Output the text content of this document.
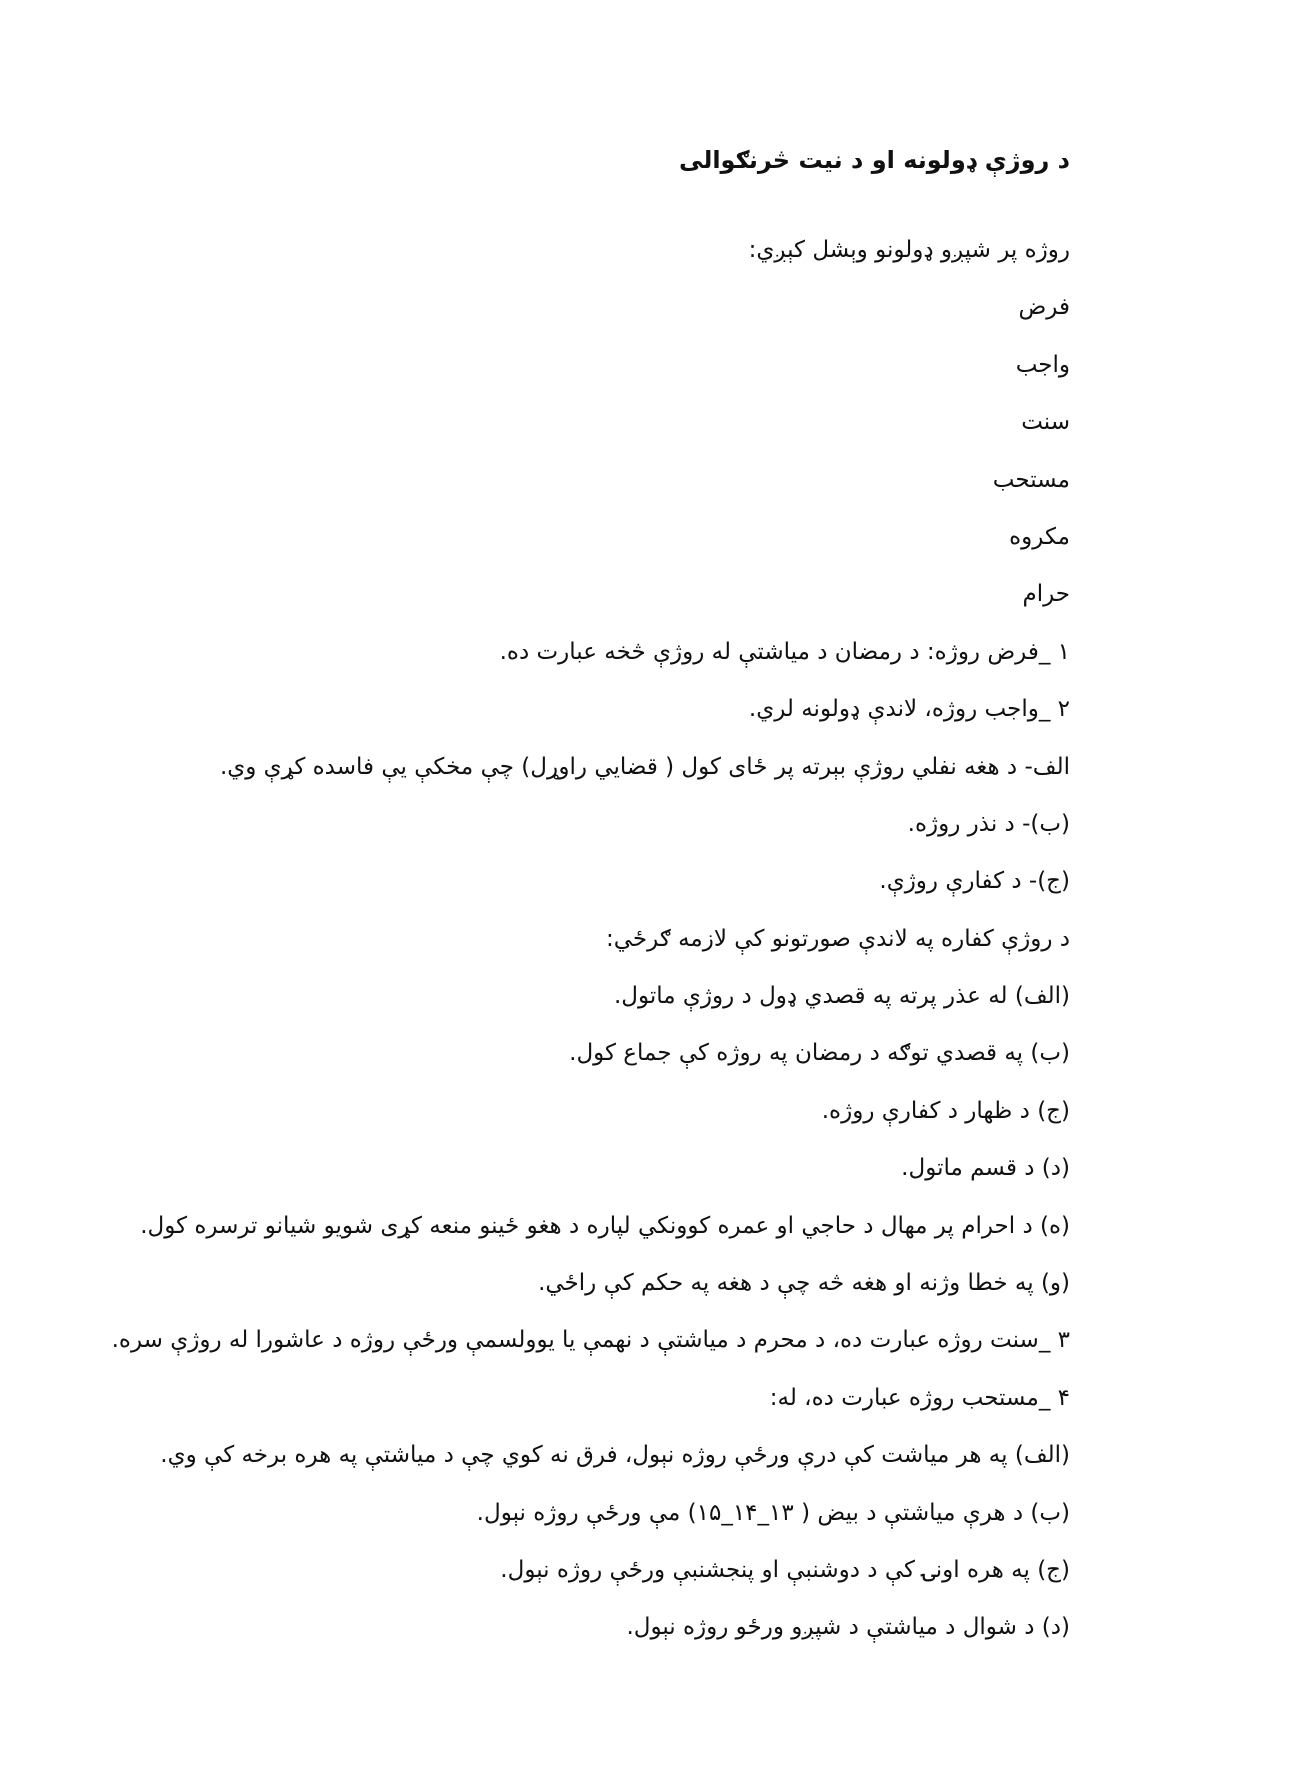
د روژې ډولونه او د نیت څرنګوالی
روژه پر شپږو ډولونو وېشل کېږي:
فرض
واجب
سنت
مستحب
مکروه
حرام
۱ _فرض روژه: د رمضان د میاشتې له روژې څخه عبارت ده.
۲ _واجب روژه، لاندې ډولونه لري.
الف- د هغه نفلي روژې بېرته پر ځای کول ( قضايي راوړل) چې مخکې يې فاسده کړې وي.
(ب)- د نذر روژه.
(ج)- د کفارې روژې.
د روژې کفاره په لاندې صورتونو کې لازمه ګرځي:
(الف) له عذر پرته په قصدي ډول د روژې ماتول.
(ب) په قصدي توګه د رمضان په روژه کې جماع کول.
(ج) د ظهار د کفارې روژه.
(د) د قسم ماتول.
(ه) د احرام پر مهال د حاجي او عمره کوونکي لپاره د هغو ځینو منعه کړی شویو شیانو ترسره کول.
(و) په خطا وژنه او هغه څه چې د هغه په حکم کې راځي.
۳ _سنت روژه عبارت ده، د محرم د میاشتې د نهمې یا یوولسمې ورځې روژه د عاشورا له روژې سره.
۴ _مستحب روژه عبارت ده، له:
(الف) په هر میاشت کې درې ورځې روژه نېول، فرق نه کوي چې د میاشتې په هره برخه کې وي.
(ب) د هرې میاشتې د بيض ( ۱۳_۱۴_۱۵) مې ورځې روژه نېول.
(ج) په هره اونۍ کې د دوشنبې او پنجشنبې ورځې روژه نېول.
(د) د شوال د میاشتې د شپږو ورځو روژه نېول.
